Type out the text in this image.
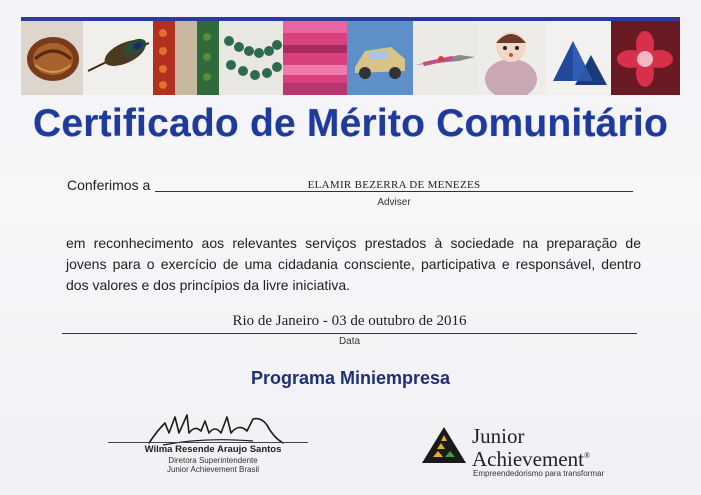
Certificado de Mérito Comunitário
Conferimos a	ELAMIR BEZERRA DE MENEZES
Adviser
em reconhecimento aos relevantes serviços prestados à sociedade na preparação de jovens para o exercício de uma cidadania consciente, participativa e responsável, dentro dos valores e dos princípios da livre iniciativa.
Rio de Janeiro - 03 de outubro de 2016
Data
Programa Miniempresa
Wilma Resende Araujo Santos
Diretora Superintendente
Junior Achievement Brasil
Junior
Achievement®
Empreendedorismo para transformar
